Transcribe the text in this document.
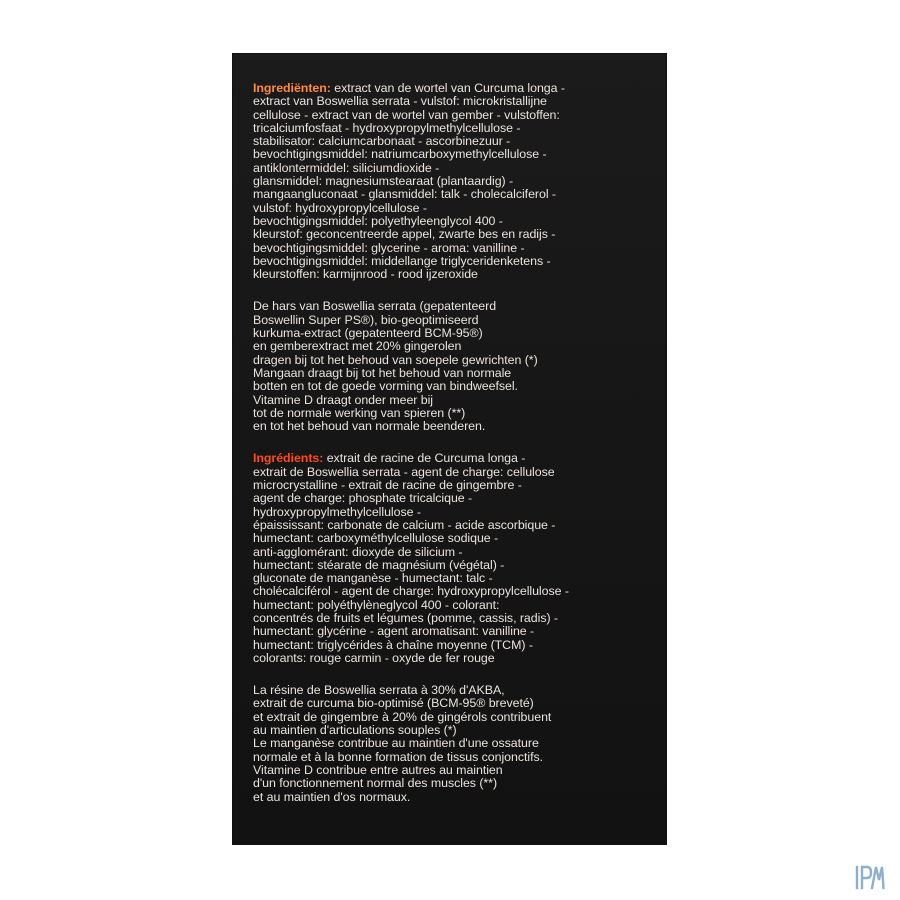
Ingrediënten: extract van de wortel van Curcuma longa -
extract van Boswellia serrata - vulstof: microkristallijne
cellulose - extract van de wortel van gember - vulstoffen:
tricalciumfosfaat - hydroxypropylmethylcellulose -
stabilisator: calciumcarbonaat - ascorbinezuur -
bevochtigingsmiddel: natriumcarboxymethylcellulose -
antiklontermiddel: siliciumdioxide -
glansmiddel: magnesiumstearaat (plantaardig) -
mangaangluconaat - glansmiddel: talk - cholecalciferol -
vulstof: hydroxypropylcellulose -
bevochtigingsmiddel: polyethyleenglycol 400 -
kleurstof: geconcentreerde appel, zwarte bes en radijs -
bevochtigingsmiddel: glycerine - aroma: vanilline -
bevochtigingsmiddel: middellange triglyceridenketens -
kleurstoffen: karmijnrood - rood ijzeroxide
De hars van Boswellia serrata (gepatenteerd
Boswellin Super PS®), bio-geoptimiseerd
kurkuma-extract (gepatenteerd BCM-95®)
en gemberextract met 20% gingerolen
dragen bij tot het behoud van soepele gewrichten (*)
Mangaan draagt bij tot het behoud van normale
botten en tot de goede vorming van bindweefsel.
Vitamine D draagt onder meer bij
tot de normale werking van spieren (**)
en tot het behoud van normale beenderen.
Ingrédients: extrait de racine de Curcuma longa -
extrait de Boswellia serrata - agent de charge: cellulose
microcrystalline - extrait de racine de gingembre -
agent de charge: phosphate tricalcique -
hydroxypropylmethylcellulose -
épaississant: carbonate de calcium - acide ascorbique -
humectant: carboxyméthylcellulose sodique -
anti-agglomérant: dioxyde de silicium -
humectant: stéarate de magnésium (végétal) -
gluconate de manganèse - humectant: talc -
cholécalciférol - agent de charge: hydroxypropylcellulose -
humectant: polyéthylèneglycol 400 - colorant:
concentrés de fruits et légumes (pomme, cassis, radis) -
humectant: glycérine - agent aromatisant: vanilline -
humectant: triglycérides à chaîne moyenne (TCM) -
colorants: rouge carmin - oxyde de fer rouge
La résine de Boswellia serrata à 30% d'AKBA,
extrait de curcuma bio-optimisé (BCM-95® breveté)
et extrait de gingembre à 20% de gingérols contribuent
au maintien d'articulations souples (*)
Le manganèse contribue au maintien d'une ossature
normale et à la bonne formation de tissus conjonctifs.
Vitamine D contribue entre autres au maintien
d'un fonctionnement normal des muscles (**)
et au maintien d'os normaux.
